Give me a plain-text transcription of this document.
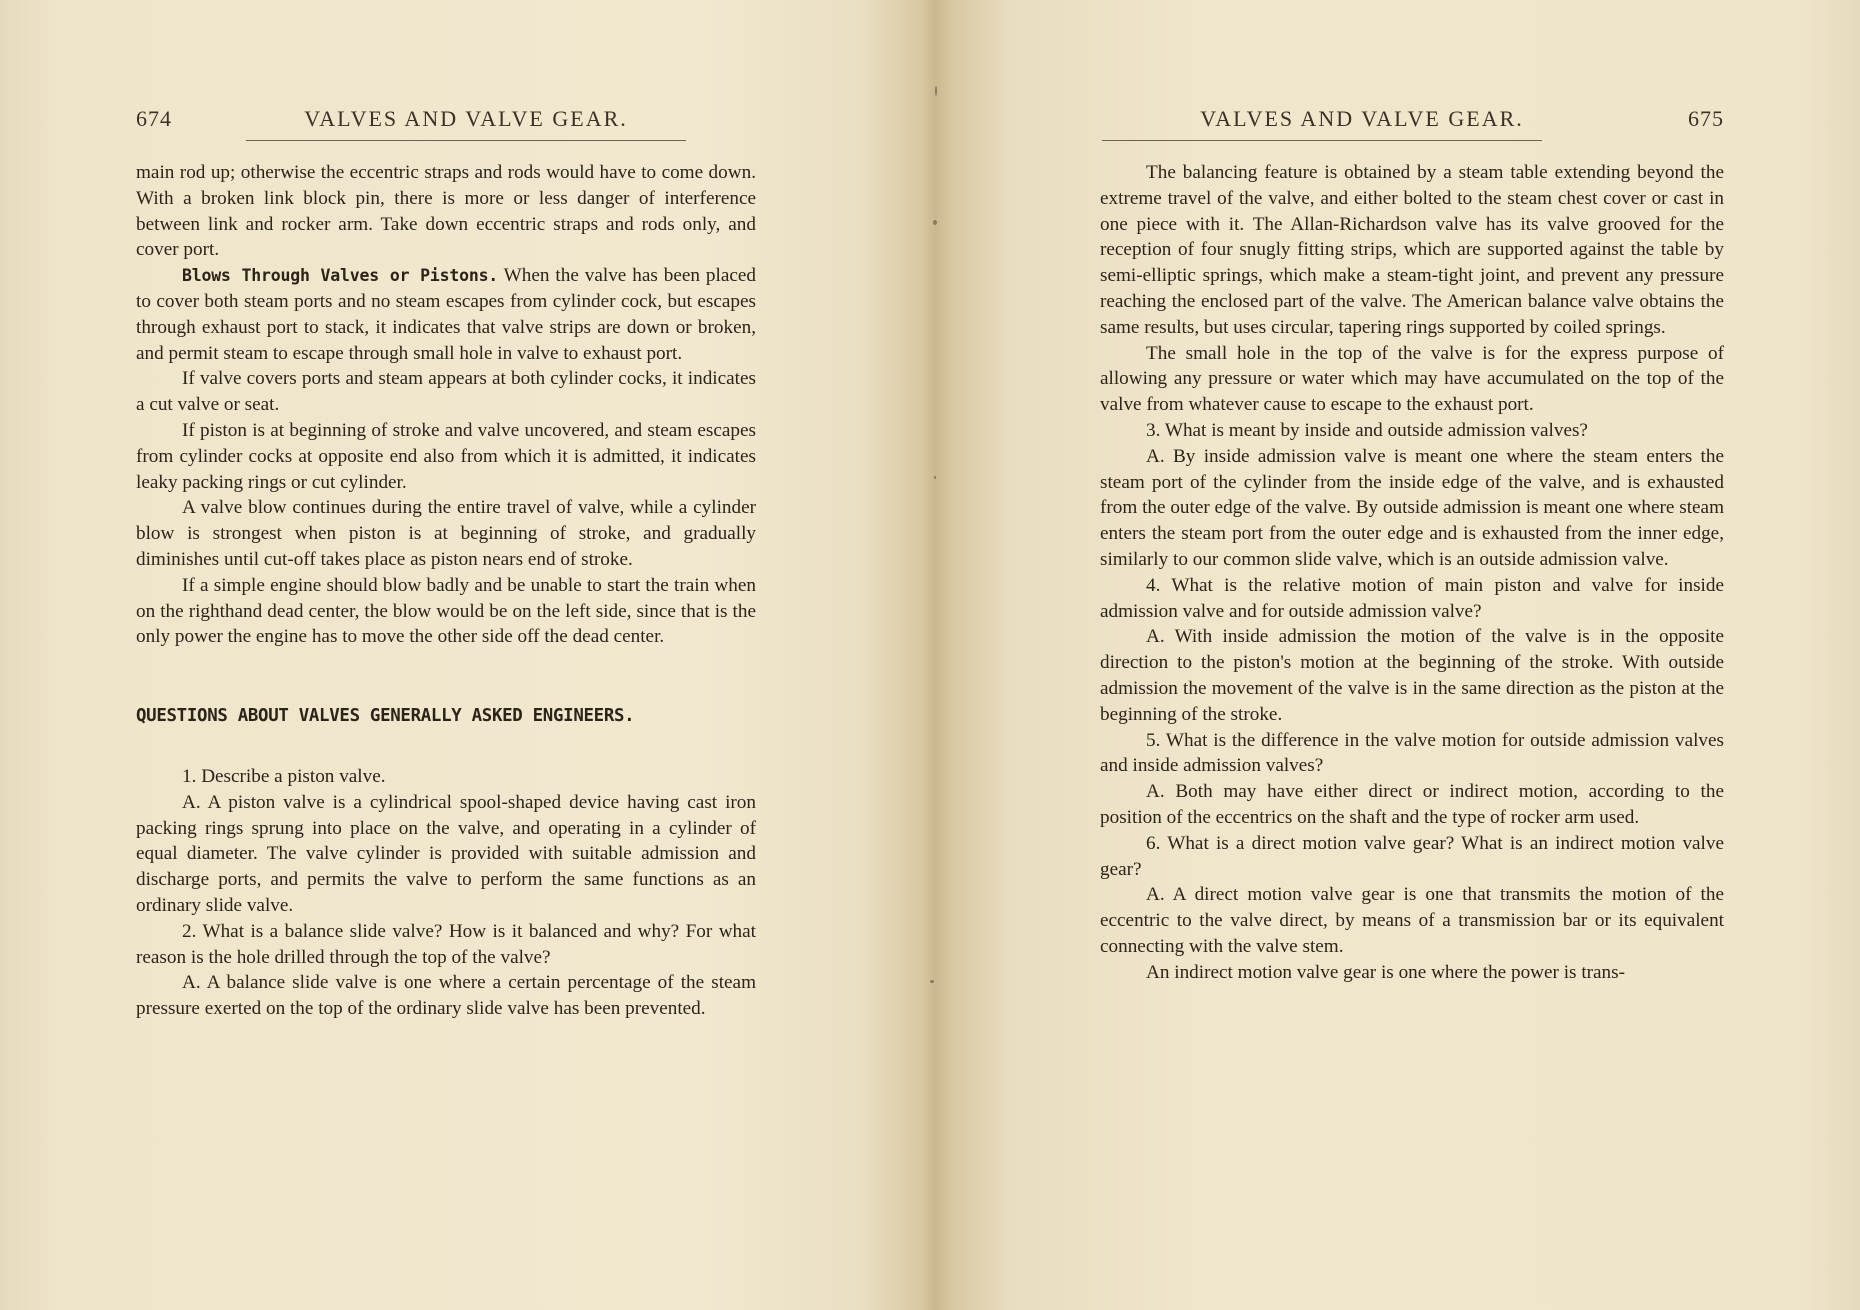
674	VALVES AND VALVE GEAR.

main rod up; otherwise the eccentric straps and rods would have to come down. With a broken link block pin, there is more or less danger of interference between link and rocker arm. Take down eccentric straps and rods only, and cover port.

Blows Through Valves or Pistons. When the valve has been placed to cover both steam ports and no steam escapes from cylinder cock, but escapes through exhaust port to stack, it indicates that valve strips are down or broken, and permit steam to escape through small hole in valve to exhaust port.

If valve covers ports and steam appears at both cylinder cocks, it indicates a cut valve or seat.

If piston is at beginning of stroke and valve uncovered, and steam escapes from cylinder cocks at opposite end also from which it is admitted, it indicates leaky packing rings or cut cylinder.

A valve blow continues during the entire travel of valve, while a cylinder blow is strongest when piston is at beginning of stroke, and gradually diminishes until cut-off takes place as piston nears end of stroke.

If a simple engine should blow badly and be unable to start the train when on the righthand dead center, the blow would be on the left side, since that is the only power the engine has to move the other side off the dead center.

QUESTIONS ABOUT VALVES GENERALLY ASKED ENGINEERS.

1. Describe a piston valve.

A. A piston valve is a cylindrical spool-shaped device having cast iron packing rings sprung into place on the valve, and operating in a cylinder of equal diameter. The valve cylinder is provided with suitable admission and discharge ports, and permits the valve to perform the same functions as an ordinary slide valve.

2. What is a balance slide valve? How is it balanced and why? For what reason is the hole drilled through the top of the valve?

A. A balance slide valve is one where a certain percentage of the steam pressure exerted on the top of the ordinary slide valve has been prevented.

VALVES AND VALVE GEAR.	675

The balancing feature is obtained by a steam table extending beyond the extreme travel of the valve, and either bolted to the steam chest cover or cast in one piece with it. The Allan-Richardson valve has its valve grooved for the reception of four snugly fitting strips, which are supported against the table by semi-elliptic springs, which make a steam-tight joint, and prevent any pressure reaching the enclosed part of the valve. The American balance valve obtains the same results, but uses circular, tapering rings supported by coiled springs.

The small hole in the top of the valve is for the express purpose of allowing any pressure or water which may have accumulated on the top of the valve from whatever cause to escape to the exhaust port.

3. What is meant by inside and outside admission valves?

A. By inside admission valve is meant one where the steam enters the steam port of the cylinder from the inside edge of the valve, and is exhausted from the outer edge of the valve. By outside admission is meant one where steam enters the steam port from the outer edge and is exhausted from the inner edge, similarly to our common slide valve, which is an outside admission valve.

4. What is the relative motion of main piston and valve for inside admission valve and for outside admission valve?

A. With inside admission the motion of the valve is in the opposite direction to the piston's motion at the beginning of the stroke. With outside admission the movement of the valve is in the same direction as the piston at the beginning of the stroke.

5. What is the difference in the valve motion for outside admission valves and inside admission valves?

A. Both may have either direct or indirect motion, according to the position of the eccentrics on the shaft and the type of rocker arm used.

6. What is a direct motion valve gear? What is an indirect motion valve gear?

A. A direct motion valve gear is one that transmits the motion of the eccentric to the valve direct, by means of a transmission bar or its equivalent connecting with the valve stem.

An indirect motion valve gear is one where the power is trans-
